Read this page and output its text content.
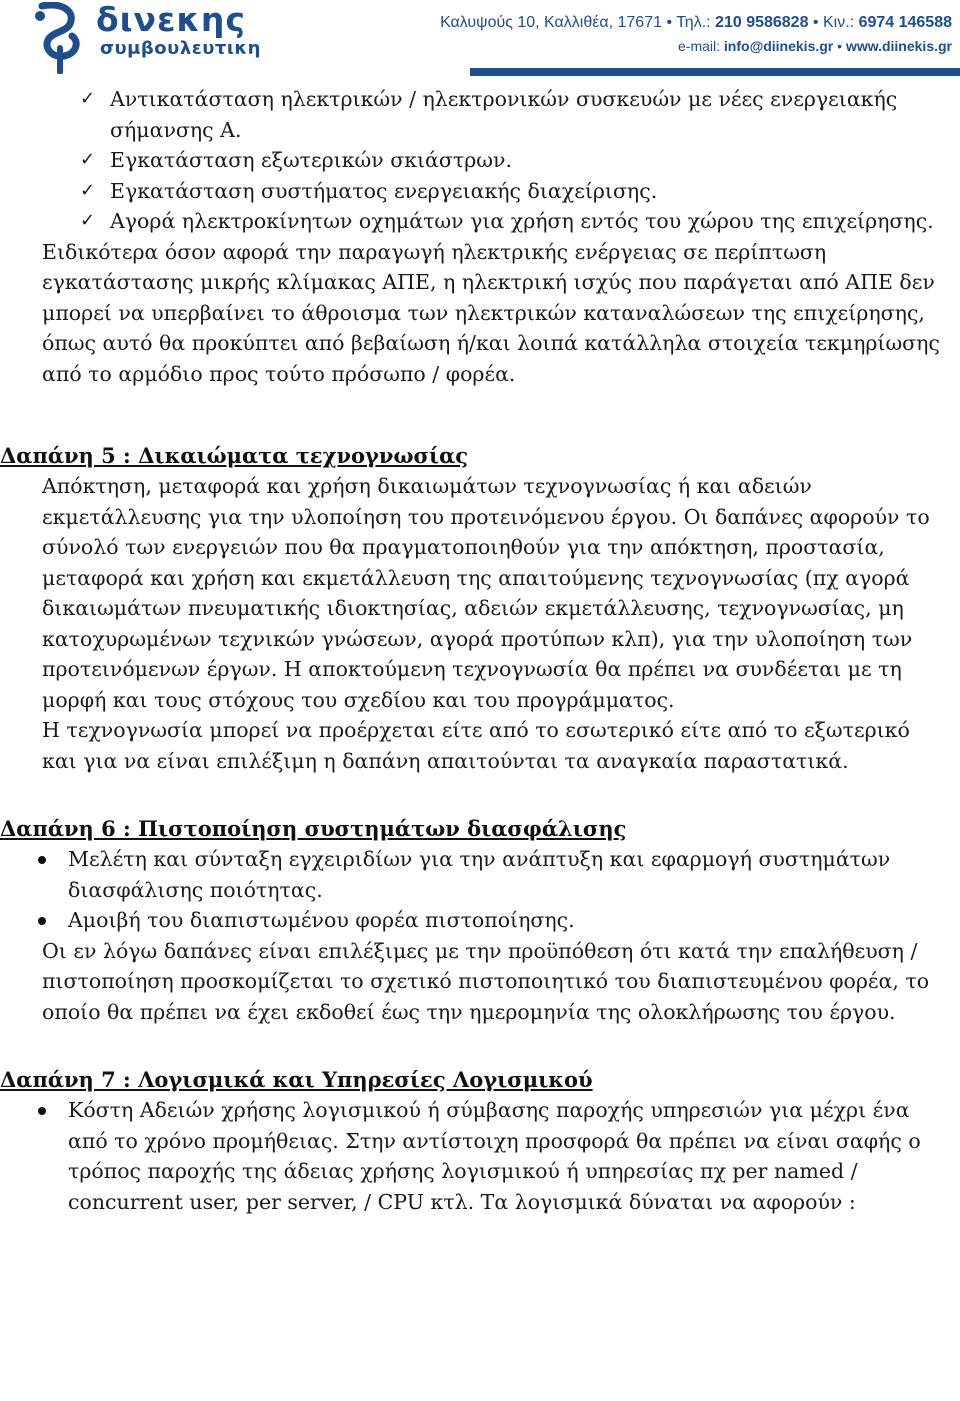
δινεκης
συμβουλευτικη
Καλυψούς 10, Καλλιθέα, 17671 • Τηλ.: 210 9586828 • Κιν.: 6974 146588
e-mail: info@diinekis.gr • www.diinekis.gr
✓ Αντικατάσταση ηλεκτρικών / ηλεκτρονικών συσκευών με νέες ενεργειακής σήμανσης Α.
✓ Εγκατάσταση εξωτερικών σκιάστρων.
✓ Εγκατάσταση συστήματος ενεργειακής διαχείρισης.
✓ Αγορά ηλεκτροκίνητων οχημάτων για χρήση εντός του χώρου της επιχείρησης.

Ειδικότερα όσον αφορά την παραγωγή ηλεκτρικής ενέργειας σε περίπτωση εγκατάστασης μικρής κλίμακας ΑΠΕ, η ηλεκτρική ισχύς που παράγεται από ΑΠΕ δεν μπορεί να υπερβαίνει το άθροισμα των ηλεκτρικών καταναλώσεων της επιχείρησης, όπως αυτό θα προκύπτει από βεβαίωση ή/και λοιπά κατάλληλα στοιχεία τεκμηρίωσης από το αρμόδιο προς τούτο πρόσωπο / φορέα.

Δαπάνη 5 : Δικαιώματα τεχνογνωσίας

Απόκτηση, μεταφορά και χρήση δικαιωμάτων τεχνογνωσίας ή και αδειών εκμετάλλευσης για την υλοποίηση του προτεινόμενου έργου. Οι δαπάνες αφορούν το σύνολό των ενεργειών που θα πραγματοποιηθούν για την απόκτηση, προστασία, μεταφορά και χρήση και εκμετάλλευση της απαιτούμενης τεχνογνωσίας (πχ αγορά δικαιωμάτων πνευματικής ιδιοκτησίας, αδειών εκμετάλλευσης, τεχνογνωσίας, μη κατοχυρωμένων τεχνικών γνώσεων, αγορά προτύπων κλπ), για την υλοποίηση των προτεινόμενων έργων. Η αποκτούμενη τεχνογνωσία θα πρέπει να συνδέεται με τη μορφή και τους στόχους του σχεδίου και του προγράμματος.

Η τεχνογνωσία μπορεί να προέρχεται είτε από το εσωτερικό είτε από το εξωτερικό και για να είναι επιλέξιμη η δαπάνη απαιτούνται τα αναγκαία παραστατικά.

Δαπάνη 6 : Πιστοποίηση συστημάτων διασφάλισης
Μελέτη και σύνταξη εγχειριδίων για την ανάπτυξη και εφαρμογή συστημάτων διασφάλισης ποιότητας.
Αμοιβή του διαπιστωμένου φορέα πιστοποίησης.

Οι εν λόγω δαπάνες είναι επιλέξιμες με την προϋπόθεση ότι κατά την επαλήθευση / πιστοποίηση προσκομίζεται το σχετικό πιστοποιητικό του διαπιστευμένου φορέα, το οποίο θα πρέπει να έχει εκδοθεί έως την ημερομηνία της ολοκλήρωσης του έργου.

Δαπάνη 7 : Λογισμικά και Υπηρεσίες Λογισμικού
Κόστη Αδειών χρήσης λογισμικού ή σύμβασης παροχής υπηρεσιών για μέχρι ένα από το χρόνο προμήθειας. Στην αντίστοιχη προσφορά θα πρέπει να είναι σαφής ο τρόπος παροχής της άδειας χρήσης λογισμικού ή υπηρεσίας πχ per named / concurrent user, per server, / CPU κτλ. Τα λογισμικά δύναται να αφορούν :
